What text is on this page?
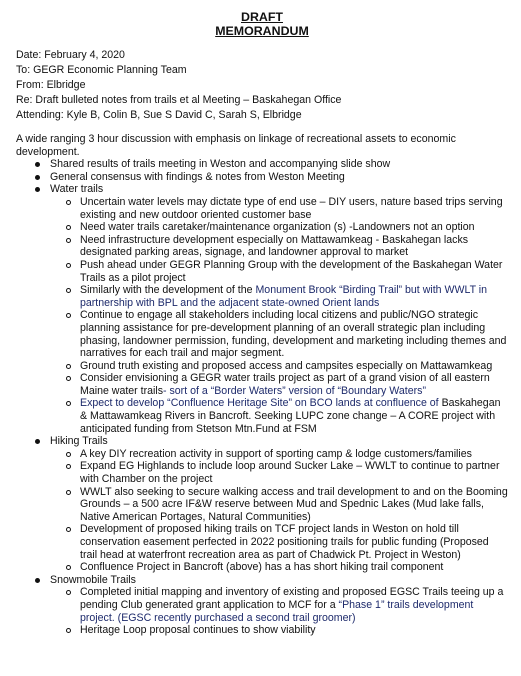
DRAFT
MEMORANDUM
Date: February 4, 2020
To: GEGR Economic Planning Team
From: Elbridge
Re: Draft bulleted notes from trails et al Meeting – Baskahegan Office
Attending: Kyle B, Colin B, Sue S David C, Sarah S, Elbridge
A wide ranging 3 hour discussion with emphasis on linkage of recreational assets to economic development.
Shared results of trails meeting in Weston and accompanying slide show
General consensus with findings & notes from Weston Meeting
Water trails
Uncertain water levels may dictate type of end use – DIY users, nature based trips serving existing and new outdoor oriented customer base
Need water trails caretaker/maintenance organization (s) -Landowners not an option
Need infrastructure development especially on Mattawamkeag - Baskahegan lacks designated parking areas, signage, and landowner approval to market
Push ahead under GEGR Planning Group with the development of the Baskahegan Water Trails as a pilot project
Similarly with the development of the Monument Brook “Birding Trail” but with WWLT in partnership with BPL and the adjacent state-owned Orient lands
Continue to engage all stakeholders including local citizens and public/NGO strategic planning assistance for pre-development planning of an overall strategic plan including phasing, landowner permission, funding, development and marketing including themes and narratives for each trail and major segment.
Ground truth existing and proposed access and campsites especially on Mattawamkeag
Consider envisioning a GEGR water trails project as part of a grand vision of all eastern Maine water trails- sort of a “Border Waters” version of “Boundary Waters”
Expect to develop “Confluence Heritage Site” on BCO lands at confluence of Baskahegan & Mattawamkeag Rivers in Bancroft. Seeking LUPC zone change – A CORE project with anticipated funding from Stetson Mtn.Fund at FSM
Hiking Trails
A key DIY recreation activity in support of sporting camp & lodge customers/families
Expand EG Highlands to include loop around Sucker Lake – WWLT to continue to partner with Chamber on the project
WWLT also seeking to secure walking access and trail development to and on the Booming Grounds – a 500 acre IF&W reserve between Mud and Spednic Lakes (Mud lake falls, Native American Portages, Natural Communities)
Development of proposed hiking trails on TCF project lands in Weston on hold till conservation easement perfected in 2022 positioning trails for public funding (Proposed trail head at waterfront recreation area as part of Chadwick Pt. Project in Weston)
Confluence Project in Bancroft (above) has a has short hiking trail component
Snowmobile Trails
Completed initial mapping and inventory of existing and proposed EGSC Trails teeing up a pending Club generated grant application to MCF for a “Phase 1” trails development project. (EGSC recently purchased a second trail groomer)
Heritage Loop proposal continues to show viability
